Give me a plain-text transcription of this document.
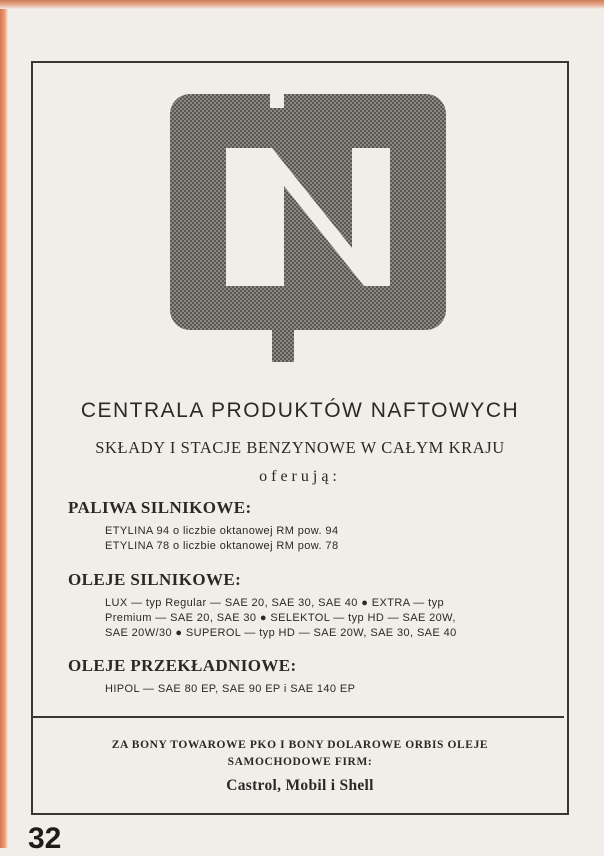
CENTRALA PRODUKTÓW NAFTOWYCH
SKŁADY I STACJE BENZYNOWE W CAŁYM KRAJU
oferują:
PALIWA SILNIKOWE:
ETYLINA 94 o liczbie oktanowej RM pow. 94
ETYLINA 78 o liczbie oktanowej RM pow. 78
OLEJE SILNIKOWE:
LUX — typ Regular — SAE 20, SAE 30, SAE 40 ● EXTRA — typ
Premium — SAE 20, SAE 30 ● SELEKTOL — typ HD — SAE 20W,
SAE 20W/30 ● SUPEROL — typ HD — SAE 20W, SAE 30, SAE 40
OLEJE PRZEKŁADNIOWE:
HIPOL — SAE 80 EP, SAE 90 EP i SAE 140 EP
ZA BONY TOWAROWE PKO I BONY DOLAROWE ORBIS OLEJE
SAMOCHODOWE FIRM:
Castrol, Mobil i Shell
32
